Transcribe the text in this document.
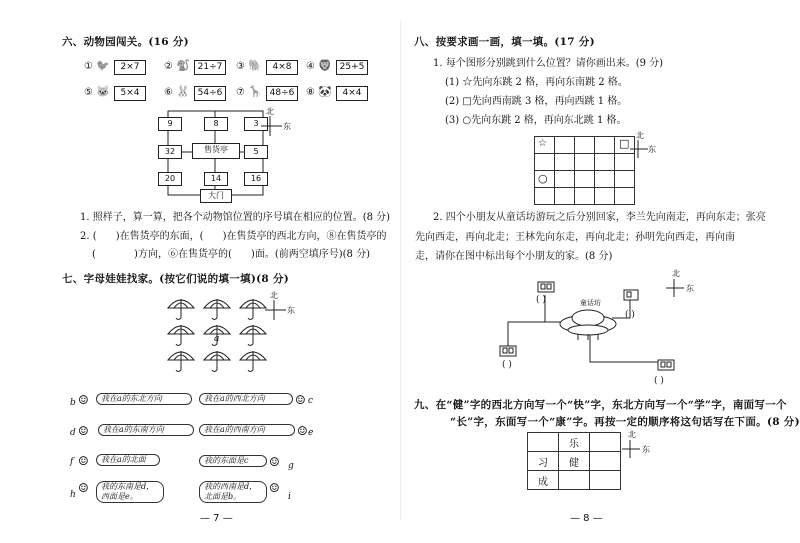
六、动物园闯关。(16 分)
① 🐦	2×7	② 🐒 21÷7	③ 🐘	4×8	④ 🦁 25+5
⑤ 🐱	5×4	⑥ 🐰 54÷6	⑦ 🦒 48÷6	⑧ 🐼	4×4
9	8	3
32	售货亭	5
20	14	16
大门
北
东
1. 照样子，算一算，把各个动物馆位置的序号填在相应的位置。(8 分)
2. (      )在售货亭的东面，(      )在售货亭的西北方向，⑧在售货亭的
(            )方向，⑥在售货亭的(      )面。(前两空填序号)(8 分)
七、字母娃娃找家。(按它们说的填一填)(8 分)
a
北
东
b ☺	我在a的东北方向	c
☺
我在a的西北方向
d ☺	我在a的东南方向	e
☺
我在a的西南方向
f ☺	我在a的北面
g
☺
我的东面是c
h ☺	我的东南是d，西面是e。	i
☺
我的西南是d，北面是b。
— 7 —
八、按要求画一画，填一填。(17 分)
1. 每个图形分别跳到什么位置？请你画出来。(9 分)
(1) ☆先向东跳 2 格，再向东南跳 2 格。
(2) □先向西南跳 3 格，再向西跳 1 格。
(3) ○先向东跳 2 格，再向东北跳 1 格。
☆				□

○				

北
东
2. 四个小朋友从童话坊游玩之后分别回家，李兰先向南走，再向东走；张亮
先向西走，再向北走；王林先向东走，再向北走；孙明先向西走，再向南
走，请你在图中标出每个小朋友的家。(8 分)
童话坊
( )
( )
( )
( )
北
东
九、在“健”字的西北方向写一个“快”字，东北方向写一个“学”字，南面写一个
“长”字，东面写一个“康”字。再按一定的顺序将这句话写在下面。(8 分)
	乐	
习	健	
成		
北
东
— 8 —
